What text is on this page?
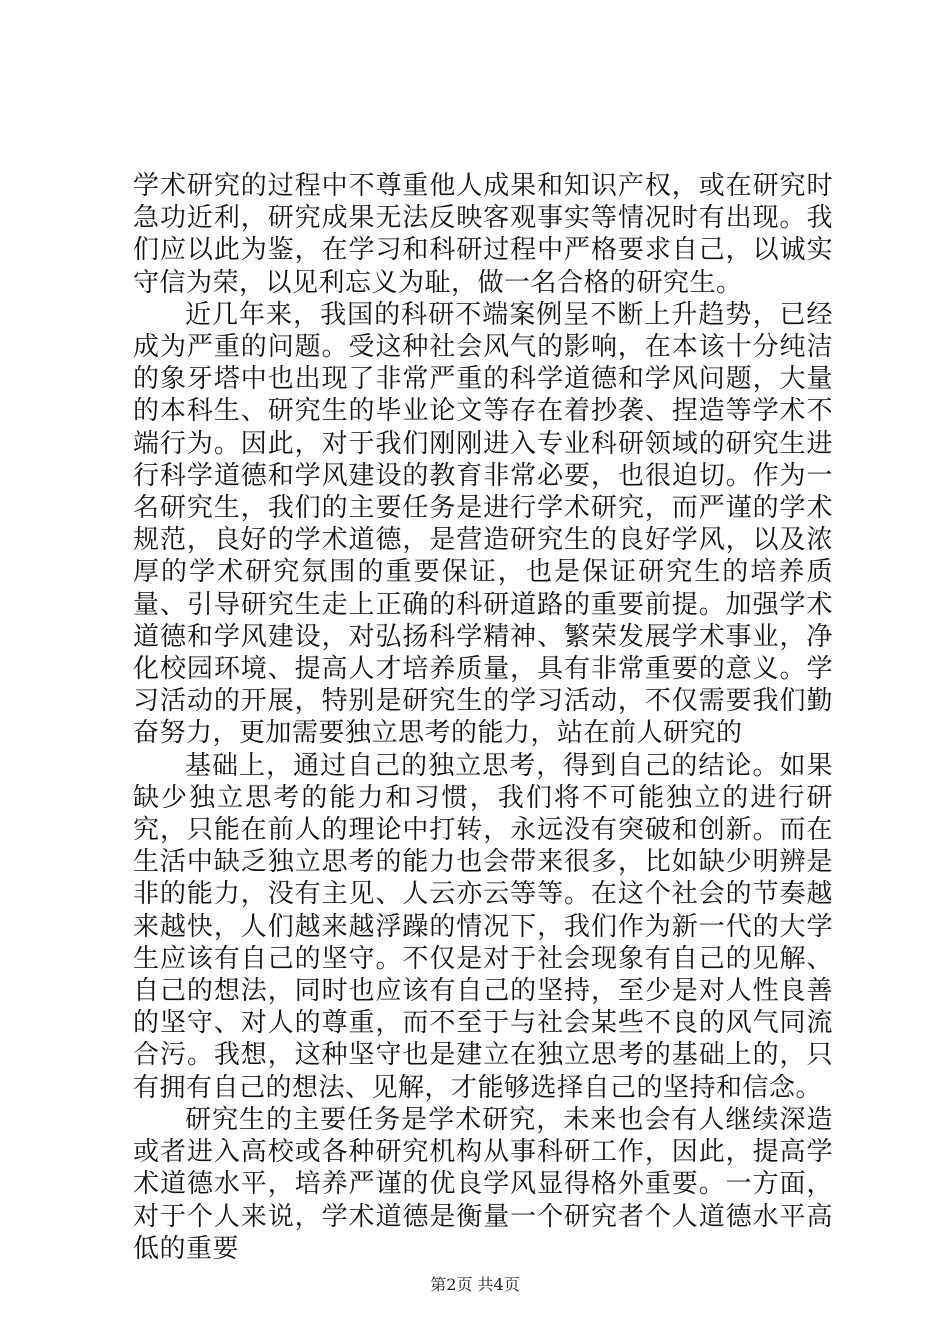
学术研究的过程中不尊重他人成果和知识产权，或在研究时急功近利，研究成果无法反映客观事实等情况时有出现。我们应以此为鉴，在学习和科研过程中严格要求自己，以诚实守信为荣，以见利忘义为耻，做一名合格的研究生。

近几年来，我国的科研不端案例呈不断上升趋势，已经成为严重的问题。受这种社会风气的影响，在本该十分纯洁的象牙塔中也出现了非常严重的科学道德和学风问题，大量的本科生、研究生的毕业论文等存在着抄袭、捏造等学术不端行为。因此，对于我们刚刚进入专业科研领域的研究生进行科学道德和学风建设的教育非常必要，也很迫切。作为一名研究生，我们的主要任务是进行学术研究，而严谨的学术规范，良好的学术道德，是营造研究生的良好学风，以及浓厚的学术研究氛围的重要保证，也是保证研究生的培养质量、引导研究生走上正确的科研道路的重要前提。加强学术道德和学风建设，对弘扬科学精神、繁荣发展学术事业，净化校园环境、提高人才培养质量，具有非常重要的意义。学习活动的开展，特别是研究生的学习活动，不仅需要我们勤奋努力，更加需要独立思考的能力，站在前人研究的

基础上，通过自己的独立思考，得到自己的结论。如果缺少独立思考的能力和习惯，我们将不可能独立的进行研究，只能在前人的理论中打转，永远没有突破和创新。而在生活中缺乏独立思考的能力也会带来很多，比如缺少明辨是非的能力，没有主见、人云亦云等等。在这个社会的节奏越来越快，人们越来越浮躁的情况下，我们作为新一代的大学生应该有自己的坚守。不仅是对于社会现象有自己的见解、自己的想法，同时也应该有自己的坚持，至少是对人性良善的坚守、对人的尊重，而不至于与社会某些不良的风气同流合污。我想，这种坚守也是建立在独立思考的基础上的，只有拥有自己的想法、见解，才能够选择自己的坚持和信念。

研究生的主要任务是学术研究，未来也会有人继续深造或者进入高校或各种研究机构从事科研工作，因此，提高学术道德水平，培养严谨的优良学风显得格外重要。一方面，对于个人来说，学术道德是衡量一个研究者个人道德水平高低的重要

第2页 共4页
